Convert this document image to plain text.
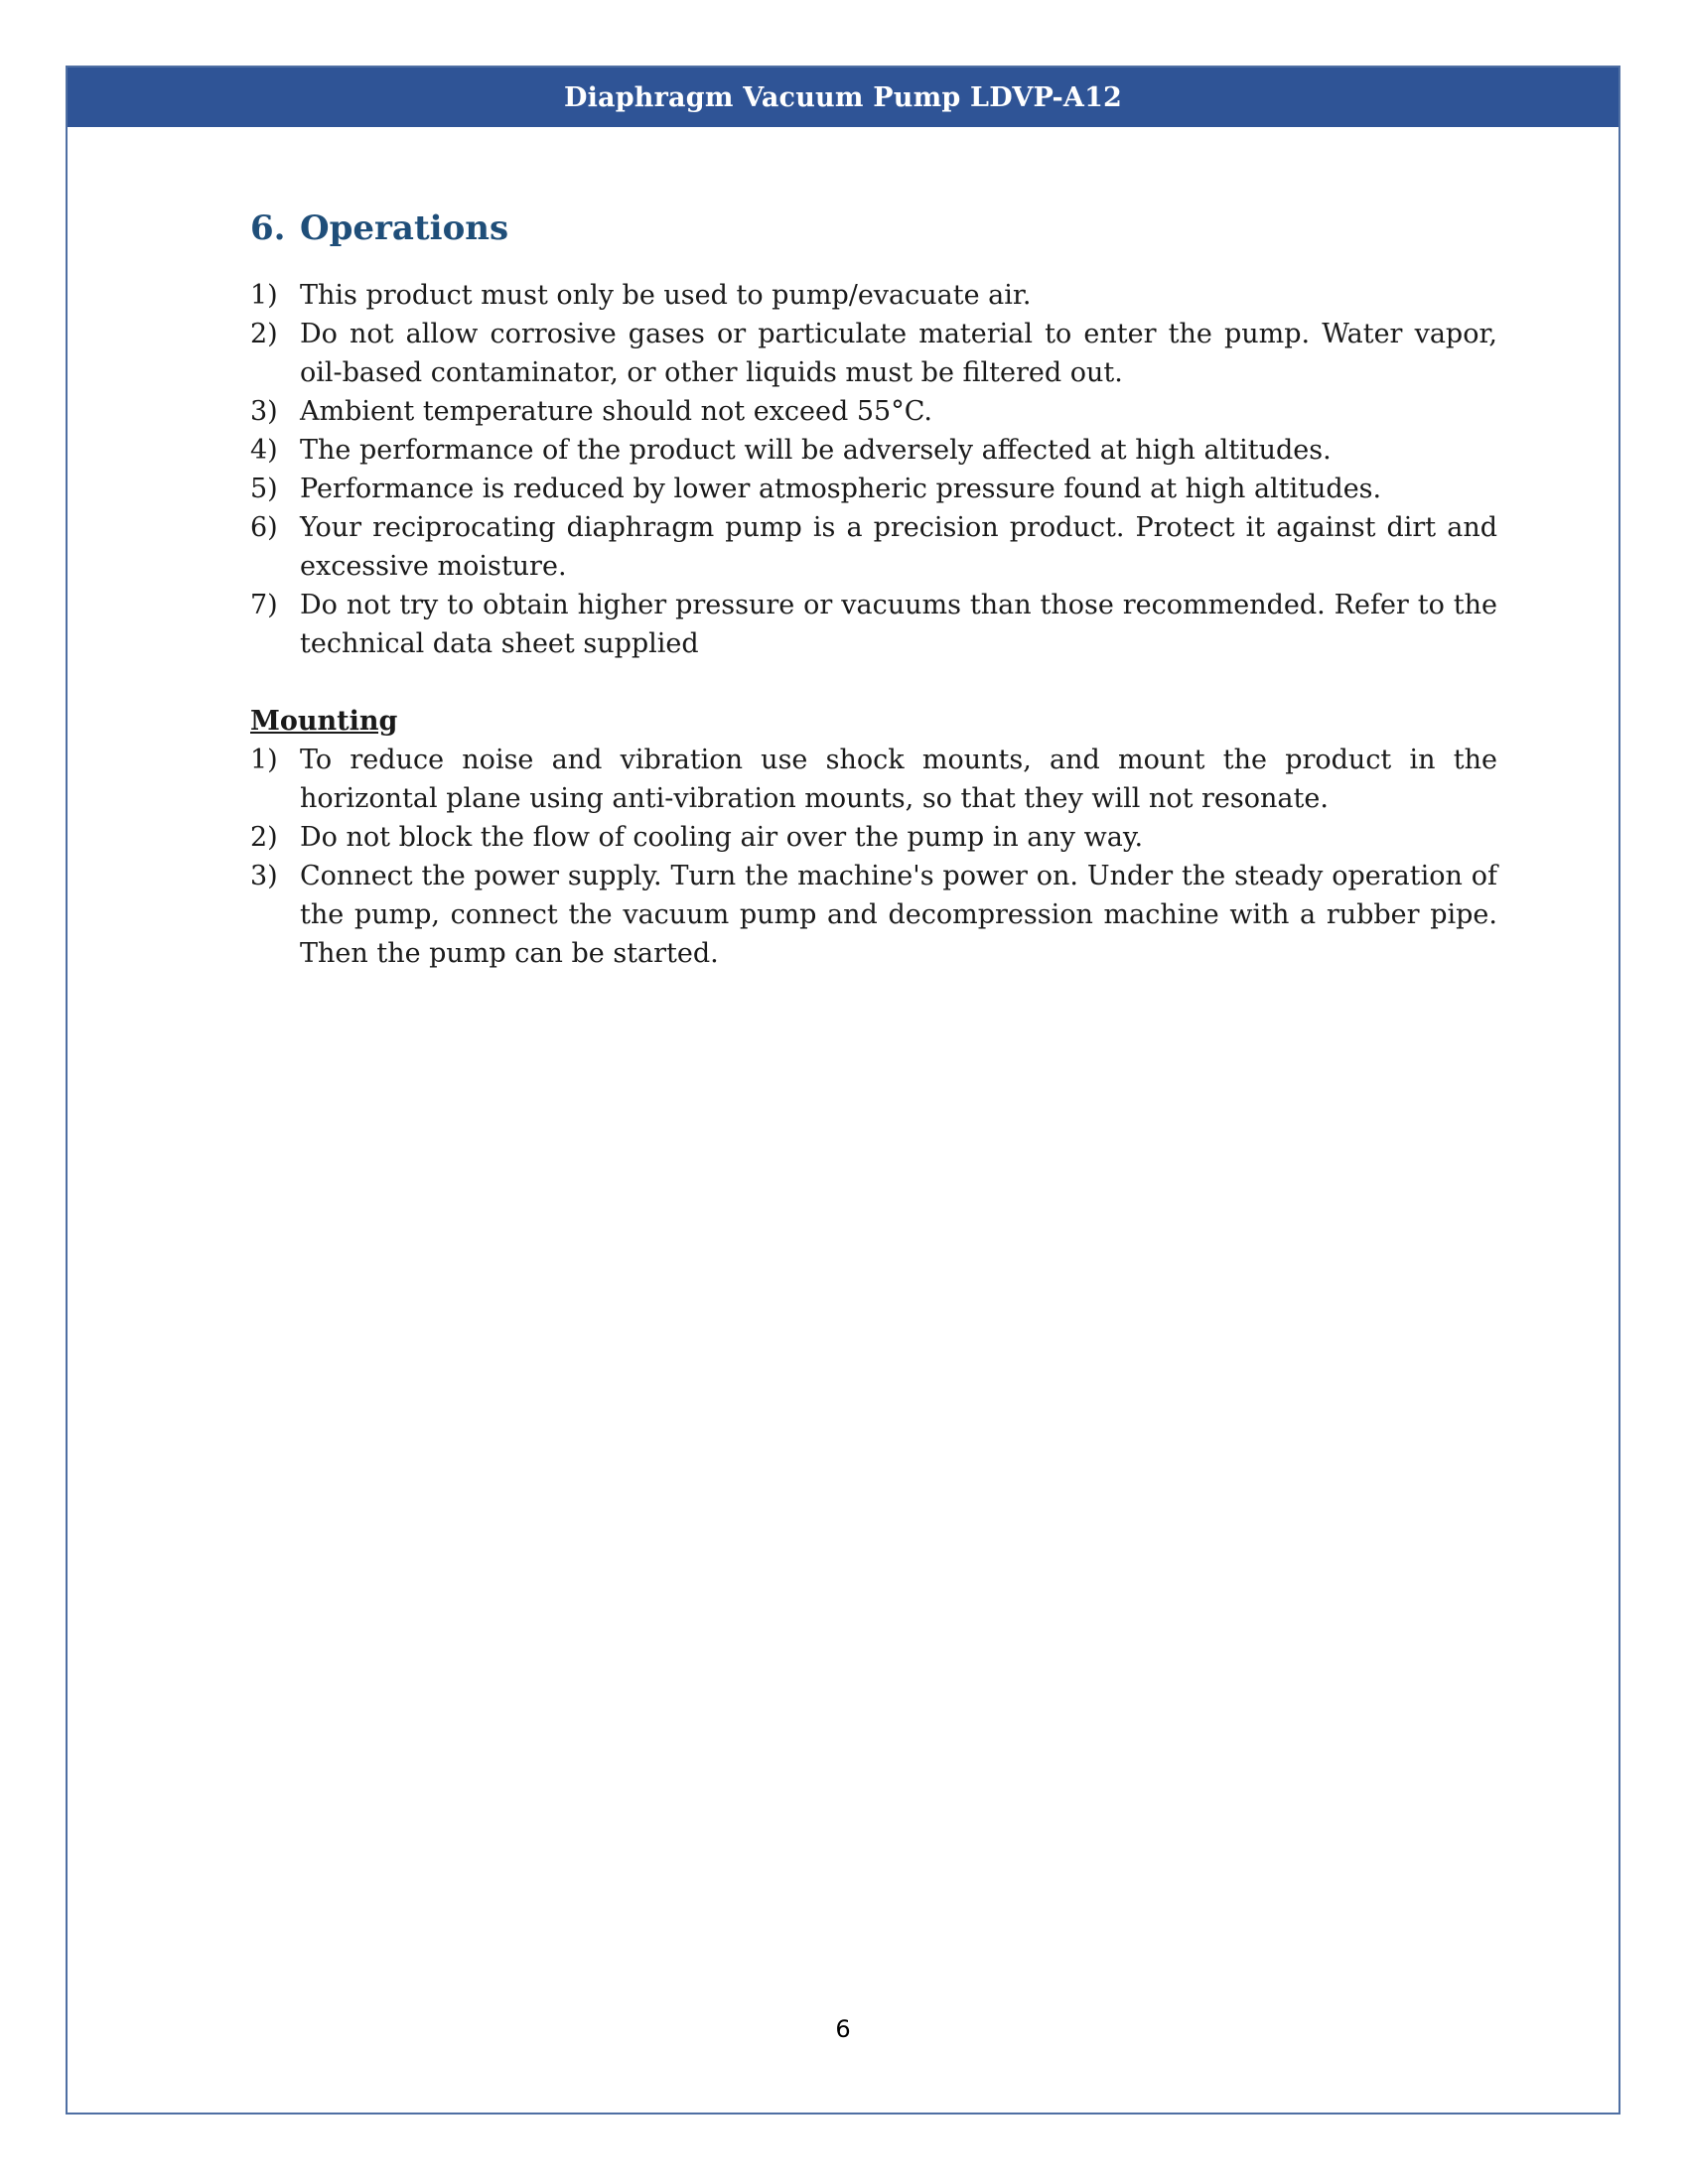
Diaphragm Vacuum Pump LDVP-A12
6. Operations
1) This product must only be used to pump/evacuate air.
2) Do not allow corrosive gases or particulate material to enter the pump. Water vapor, oil-based contaminator, or other liquids must be filtered out.
3) Ambient temperature should not exceed 55°C.
4) The performance of the product will be adversely affected at high altitudes.
5) Performance is reduced by lower atmospheric pressure found at high altitudes.
6) Your reciprocating diaphragm pump is a precision product. Protect it against dirt and excessive moisture.
7) Do not try to obtain higher pressure or vacuums than those recommended. Refer to the technical data sheet supplied
Mounting
1) To reduce noise and vibration use shock mounts, and mount the product in the horizontal plane using anti-vibration mounts, so that they will not resonate.
2) Do not block the flow of cooling air over the pump in any way.
3) Connect the power supply. Turn the machine's power on. Under the steady operation of the pump, connect the vacuum pump and decompression machine with a rubber pipe. Then the pump can be started.
6
